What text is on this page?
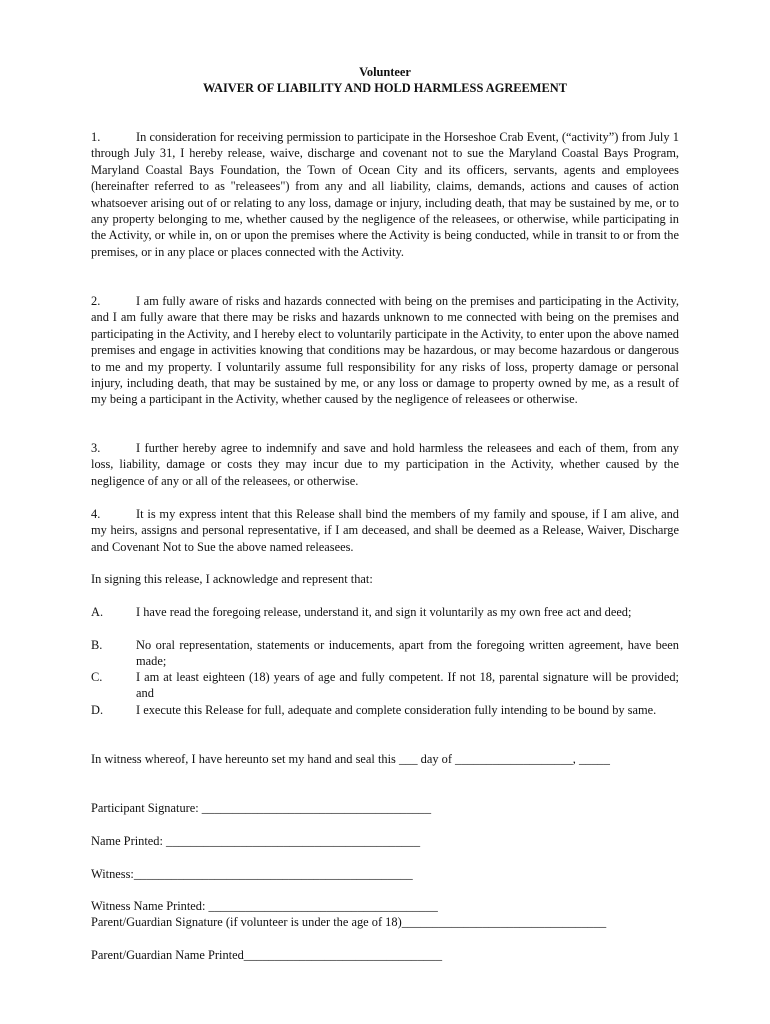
Volunteer
WAIVER OF LIABILITY AND HOLD HARMLESS AGREEMENT
1.	In consideration for receiving permission to participate in the Horseshoe Crab Event, (“activity”) from July 1 through July 31, I hereby release, waive, discharge and covenant not to sue the Maryland Coastal Bays Program, Maryland Coastal Bays Foundation, the Town of Ocean City and its officers, servants, agents and employees (hereinafter referred to as "releasees") from any and all liability, claims, demands, actions and causes of action whatsoever arising out of or relating to any loss, damage or injury, including death, that may be sustained by me, or to any property belonging to me, whether caused by the negligence of the releasees, or otherwise, while participating in the Activity, or while in, on or upon the premises where the Activity is being conducted, while in transit to or from the premises, or in any place or places connected with the Activity.
2.	I am fully aware of risks and hazards connected with being on the premises and participating in the Activity, and I am fully aware that there may be risks and hazards unknown to me connected with being on the premises and participating in the Activity, and I hereby elect to voluntarily participate in the Activity, to enter upon the above named premises and engage in activities knowing that conditions may be hazardous, or may become hazardous or dangerous to me and my property. I voluntarily assume full responsibility for any risks of loss, property damage or personal injury, including death, that may be sustained by me, or any loss or damage to property owned by me, as a result of my being a participant in the Activity, whether caused by the negligence of releasees or otherwise.
3.	I further hereby agree to indemnify and save and hold harmless the releasees and each of them, from any loss, liability, damage or costs they may incur due to my participation in the Activity, whether caused by the negligence of any or all of the releasees, or otherwise.
4.	It is my express intent that this Release shall bind the members of my family and spouse, if I am alive, and my heirs, assigns and personal representative, if I am deceased, and shall be deemed as a Release, Waiver, Discharge and Covenant Not to Sue the above named releasees.
In signing this release, I acknowledge and represent that:
A.	I have read the foregoing release, understand it, and sign it voluntarily as my own free act and deed;
B.	No oral representation, statements or inducements, apart from the foregoing written agreement, have been made;
C.	I am at least eighteen (18) years of age and fully competent. If not 18, parental signature will be provided; and
D.	I execute this Release for full, adequate and complete consideration fully intending to be bound by same.
In witness whereof, I have hereunto set my hand and seal this ___ day of ___________________, _____
Participant Signature: _____________________________________
Name Printed: _________________________________________
Witness:_____________________________________________
Witness Name Printed: _____________________________________
Parent/Guardian Signature (if volunteer is under the age of 18)_________________________________
Parent/Guardian Name Printed________________________________
